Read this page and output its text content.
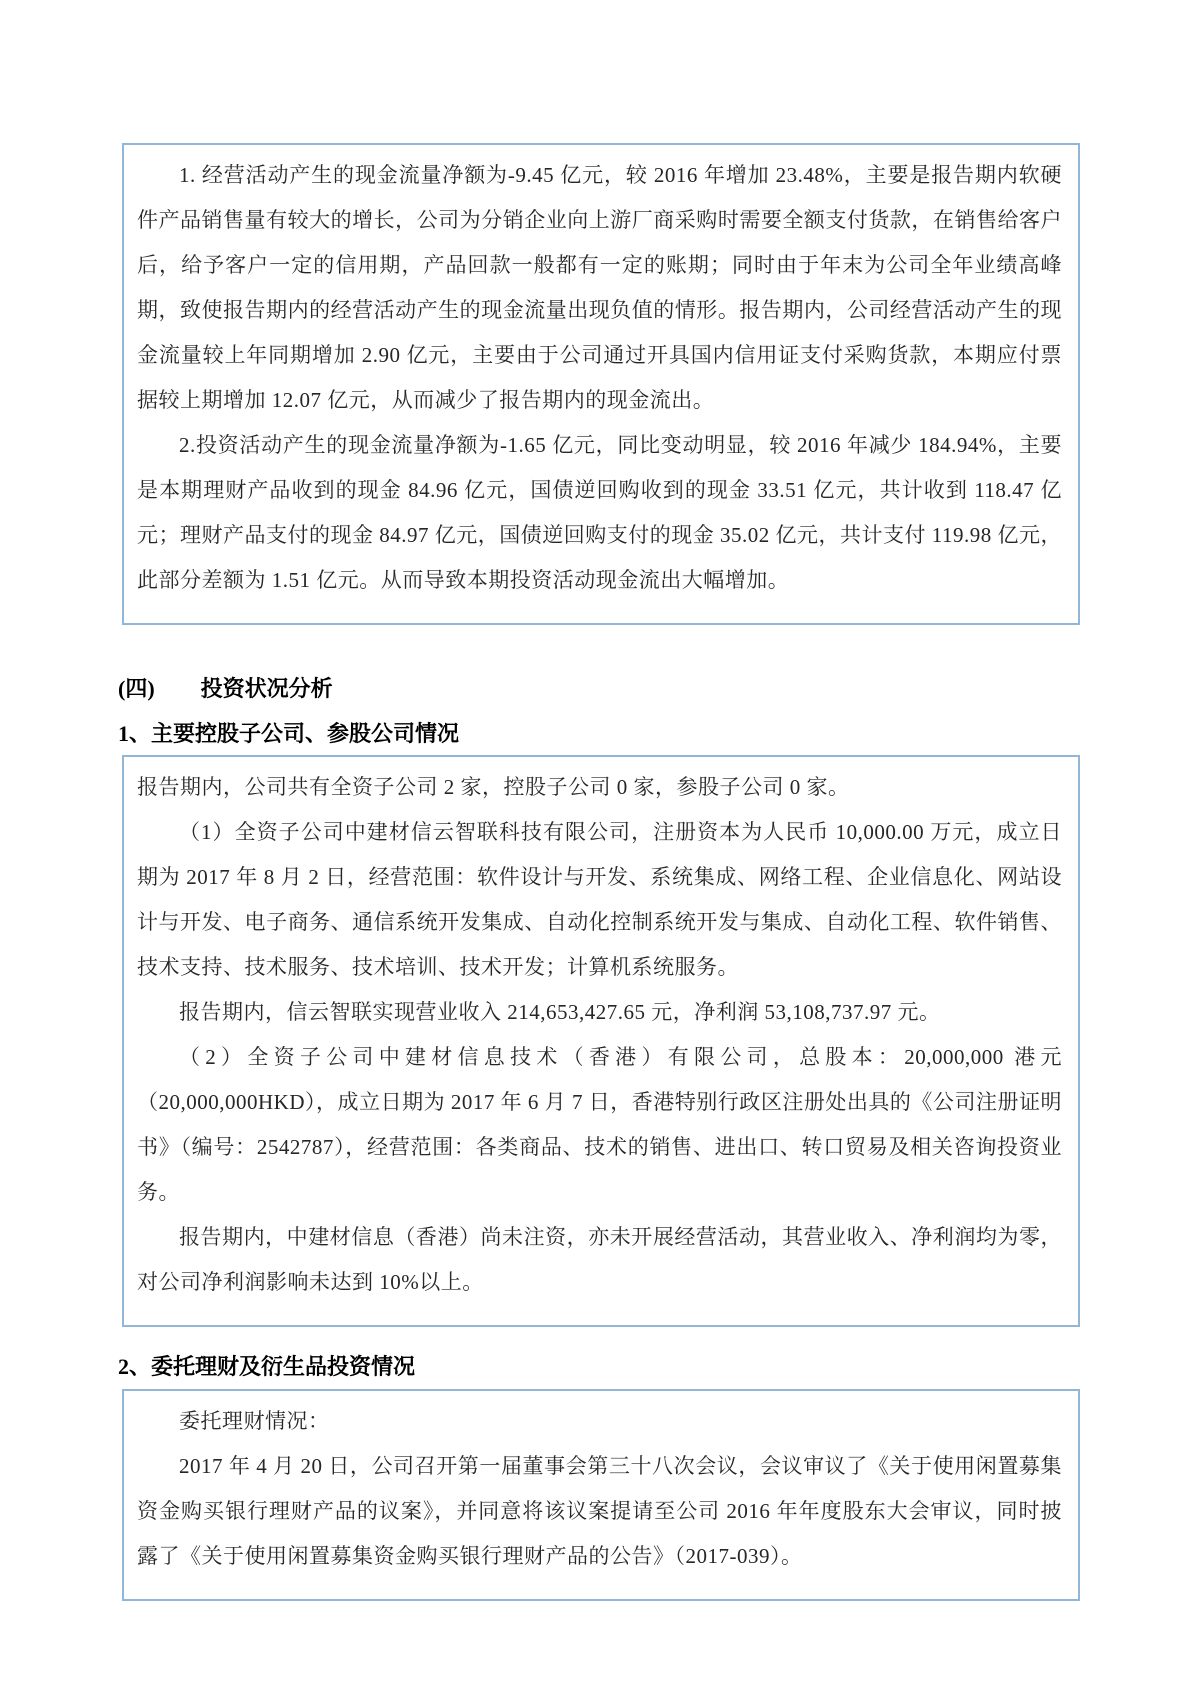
1. 经营活动产生的现金流量净额为-9.45 亿元，较 2016 年增加 23.48%，主要是报告期内软硬件产品销售量有较大的增长，公司为分销企业向上游厂商采购时需要全额支付货款，在销售给客户后，给予客户一定的信用期，产品回款一般都有一定的账期；同时由于年末为公司全年业绩高峰期，致使报告期内的经营活动产生的现金流量出现负值的情形。报告期内，公司经营活动产生的现金流量较上年同期增加 2.90 亿元，主要由于公司通过开具国内信用证支付采购货款，本期应付票据较上期增加 12.07 亿元，从而减少了报告期内的现金流出。

2.投资活动产生的现金流量净额为-1.65 亿元，同比变动明显，较 2016 年减少 184.94%，主要是本期理财产品收到的现金 84.96 亿元，国债逆回购收到的现金 33.51 亿元，共计收到 118.47 亿元；理财产品支付的现金 84.97 亿元，国债逆回购支付的现金 35.02 亿元，共计支付 119.98 亿元，此部分差额为 1.51 亿元。从而导致本期投资活动现金流出大幅增加。

(四) 投资状况分析
1、主要控股子公司、参股公司情况

报告期内，公司共有全资子公司 2 家，控股子公司 0 家，参股子公司 0 家。

（1）全资子公司中建材信云智联科技有限公司，注册资本为人民币 10,000.00 万元，成立日期为 2017 年 8 月 2 日，经营范围：软件设计与开发、系统集成、网络工程、企业信息化、网站设计与开发、电子商务、通信系统开发集成、自动化控制系统开发与集成、自动化工程、软件销售、技术支持、技术服务、技术培训、技术开发；计算机系统服务。

报告期内，信云智联实现营业收入 214,653,427.65 元，净利润 53,108,737.97 元。

（2）全资子公司中建材信息技术（香港）有限公司，总股本：20,000,000 港元（20,000,000HKD），成立日期为 2017 年 6 月 7 日，香港特别行政区注册处出具的《公司注册证明书》（编号：2542787），经营范围：各类商品、技术的销售、进出口、转口贸易及相关咨询投资业务。

报告期内，中建材信息（香港）尚未注资，亦未开展经营活动，其营业收入、净利润均为零，对公司净利润影响未达到 10%以上。

2、委托理财及衍生品投资情况

委托理财情况：

2017 年 4 月 20 日，公司召开第一届董事会第三十八次会议，会议审议了《关于使用闲置募集资金购买银行理财产品的议案》，并同意将该议案提请至公司 2016 年年度股东大会审议，同时披露了《关于使用闲置募集资金购买银行理财产品的公告》（2017-039）。
